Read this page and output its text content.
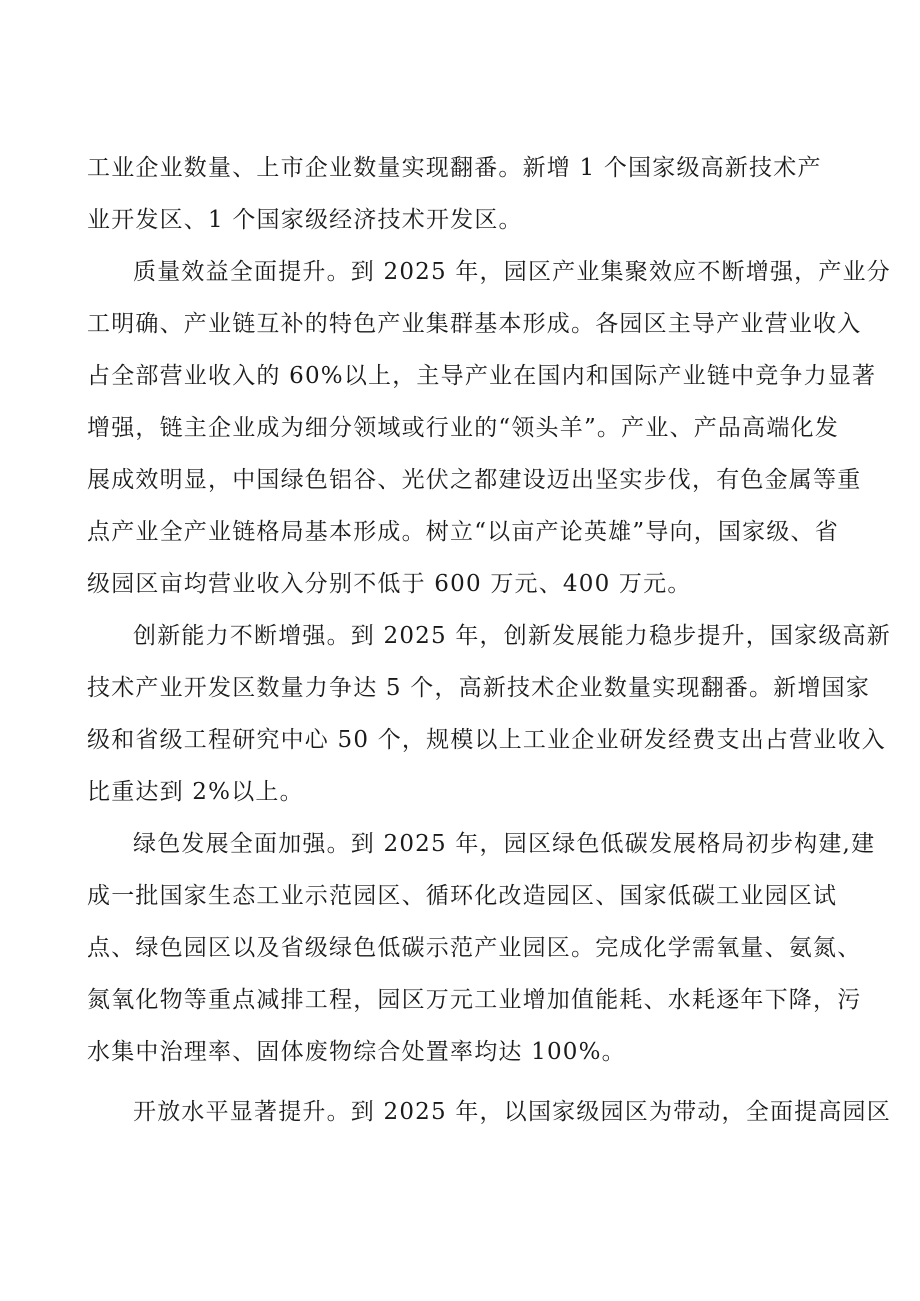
工业企业数量、上市企业数量实现翻番。新增 1 个国家级高新技术产
业开发区、1 个国家级经济技术开发区。
质量效益全面提升。到 2025 年，园区产业集聚效应不断增强，产业分
工明确、产业链互补的特色产业集群基本形成。各园区主导产业营业收入
占全部营业收入的 60%以上，主导产业在国内和国际产业链中竞争力显著
增强，链主企业成为细分领域或行业的“领头羊”。产业、产品高端化发
展成效明显，中国绿色铝谷、光伏之都建设迈出坚实步伐，有色金属等重
点产业全产业链格局基本形成。树立“以亩产论英雄”导向，国家级、省
级园区亩均营业收入分别不低于 600 万元、400 万元。
创新能力不断增强。到 2025 年，创新发展能力稳步提升，国家级高新
技术产业开发区数量力争达 5 个，高新技术企业数量实现翻番。新增国家
级和省级工程研究中心 50 个，规模以上工业企业研发经费支出占营业收入
比重达到 2%以上。
绿色发展全面加强。到 2025 年，园区绿色低碳发展格局初步构建,建
成一批国家生态工业示范园区、循环化改造园区、国家低碳工业园区试
点、绿色园区以及省级绿色低碳示范产业园区。完成化学需氧量、氨氮、
氮氧化物等重点减排工程，园区万元工业增加值能耗、水耗逐年下降，污
水集中治理率、固体废物综合处置率均达 100%。
开放水平显著提升。到 2025 年，以国家级园区为带动，全面提高园区
